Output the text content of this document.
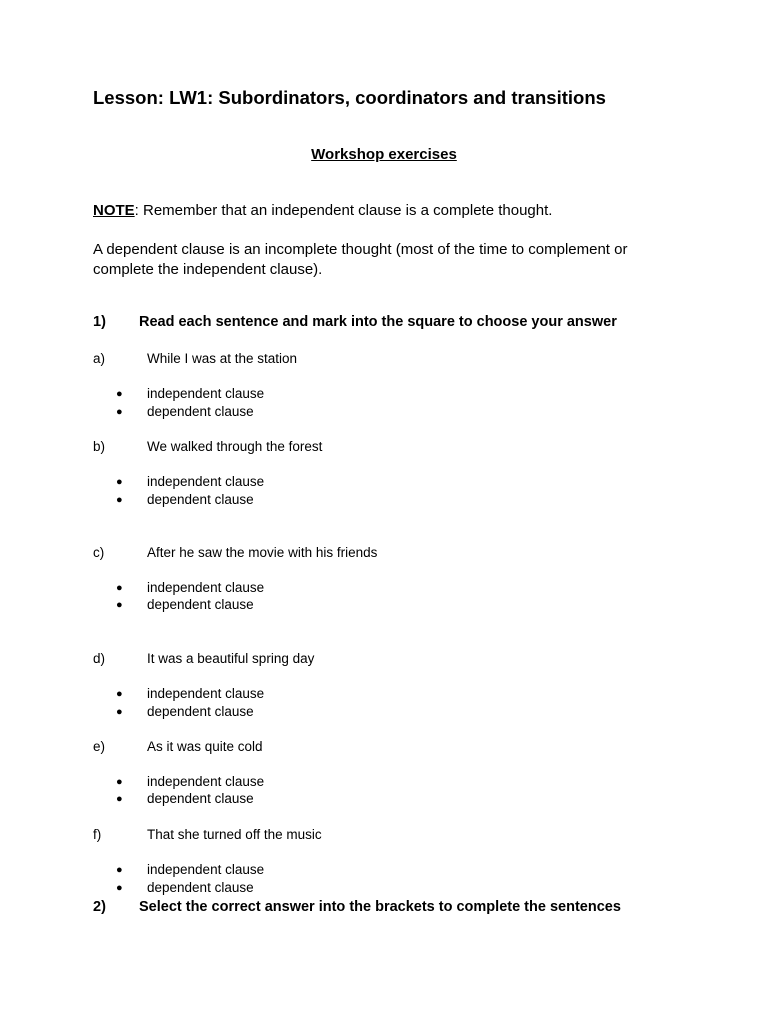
Lesson: LW1: Subordinators, coordinators and transitions
Workshop exercises
NOTE: Remember that an independent clause is a complete thought.
A dependent clause is an incomplete thought (most of the time to complement or
complete the independent clause).
1) Read each sentence and mark into the square to choose your answer
a)	While I was at the station
● independent clause
● dependent clause
b)	We walked through the forest
● independent clause
● dependent clause
c)	After he saw the movie with his friends
● independent clause
● dependent clause
d)	It was a beautiful spring day
● independent clause
● dependent clause
e)	As it was quite cold
● independent clause
● dependent clause
f)	That she turned off the music
● independent clause
● dependent clause
2) Select the correct answer into the brackets to complete the sentences
